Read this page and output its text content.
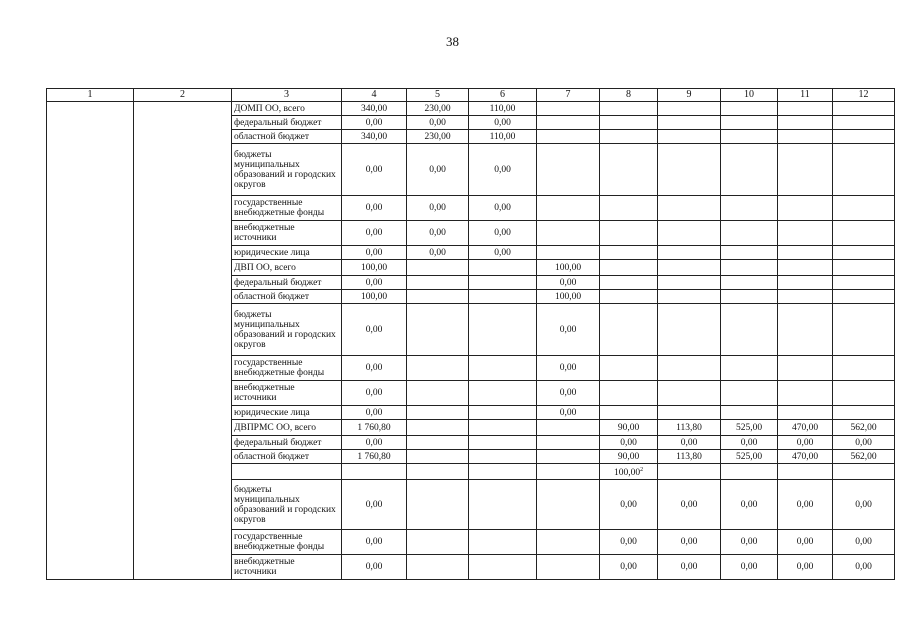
38
1	2	3	4	5	6	7	8	9	10	11	12
		ДОМП ОО, всего	340,00	230,00	110,00						
		федеральный бюджет	0,00	0,00	0,00						
		областной бюджет	340,00	230,00	110,00						
		бюджеты муниципальных образований и городских округов	0,00	0,00	0,00						
		государственные внебюджетные фонды	0,00	0,00	0,00						
		внебюджетные источники	0,00	0,00	0,00						
		юридические лица	0,00	0,00	0,00						
		ДВП ОО, всего	100,00			100,00					
		федеральный бюджет	0,00			0,00					
		областной бюджет	100,00			100,00					
		бюджеты муниципальных образований и городских округов	0,00			0,00					
		государственные внебюджетные фонды	0,00			0,00					
		внебюджетные источники	0,00			0,00					
		юридические лица	0,00			0,00					
		ДВПРМС ОО, всего	1 760,80				90,00	113,80	525,00	470,00	562,00
		федеральный бюджет	0,00				0,00	0,00	0,00	0,00	0,00
		областной бюджет	1 760,80				90,00	113,80	525,00	470,00	562,00
							100,00$^2$				
		бюджеты муниципальных образований и городских округов	0,00				0,00	0,00	0,00	0,00	0,00
		государственные внебюджетные фонды	0,00				0,00	0,00	0,00	0,00	0,00
		внебюджетные источники	0,00				0,00	0,00	0,00	0,00	0,00
